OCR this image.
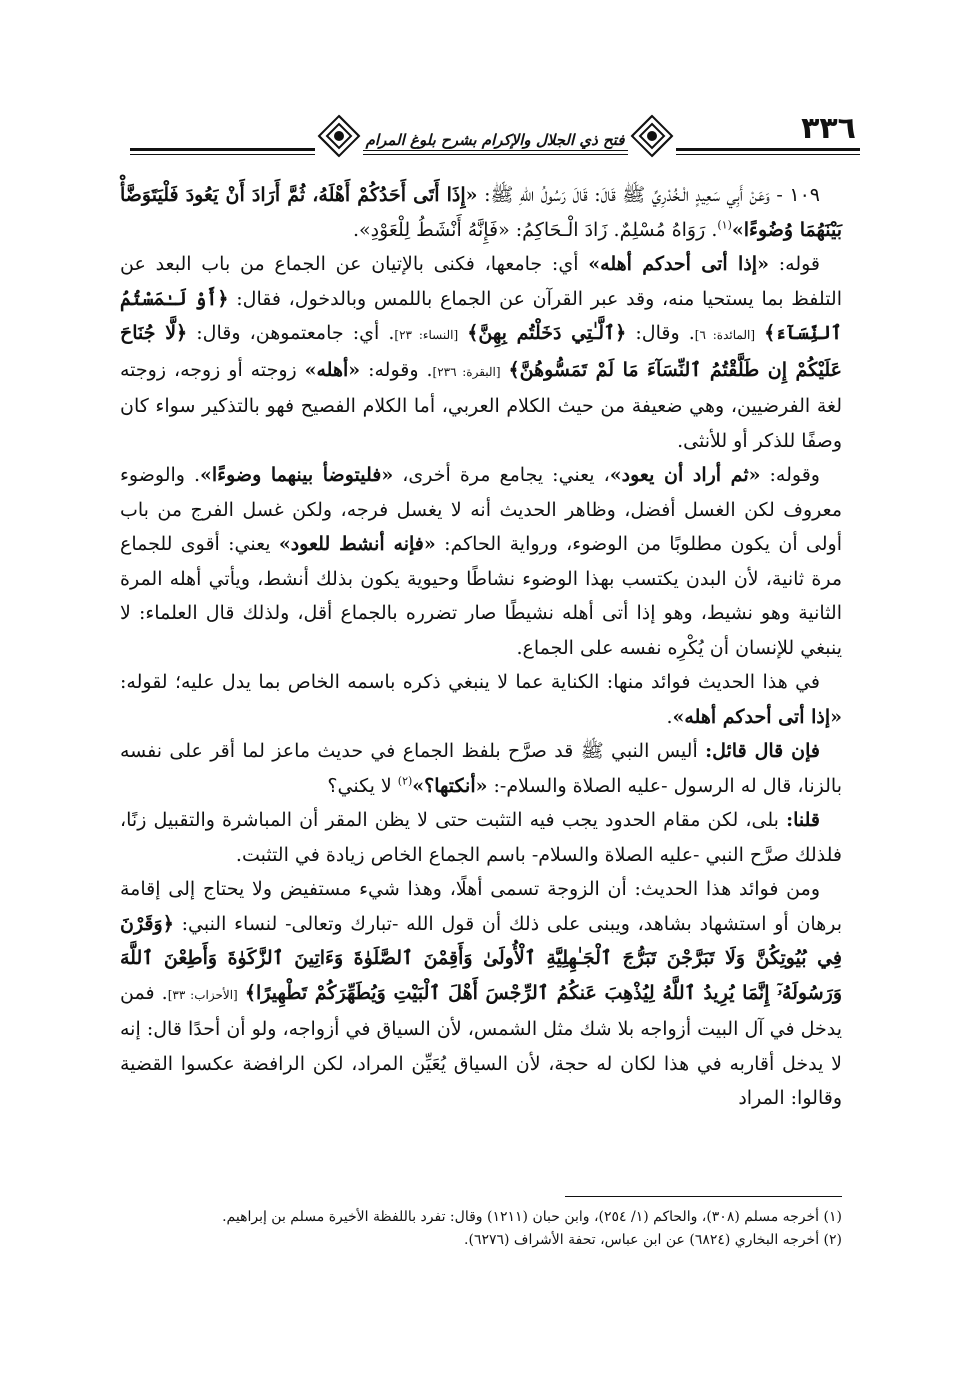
٣٣٦
فتح ذي الجلال والإكرام بشرح بلوغ المرام

١٠٩ - وَعَنْ أَبِي سَعِيدٍ الْـخُدْرِيِّ ﷺ قَالَ: قَالَ رَسُولُ اللهِ ﷺ: «إِذَا أَتَى أَحَدُكُمْ أَهْلَهُ، ثُمَّ أَرَادَ أَنْ يَعُودَ فَلْيَتَوَضَّأْ بَيْنَهُمَا وُضُوءًا»$^{(١)}$. رَوَاهُ مُسْلِمٌ. زَادَ الْـحَاكِمُ: «فَإِنَّهُ أَنْشَطُ لِلْعَوْدِ».

قوله: «إذا أتى أحدكم أهله» أي: جامعها، فكنى بالإتيان عن الجماع من باب البعد عن التلفظ بما يستحيا منه، وقد عبر القرآن عن الجماع باللمس وبالدخول، فقال: ﴿أَوْ لَـٰمَسْتُمُ ٱلنِّسَآءَ﴾ [المائدة: ٦]. وقال: ﴿ٱلَّـٰتِي دَخَلْتُم بِهِنَّ﴾ [النساء: ٢٣]. أي: جامعتموهن، وقال: ﴿لَّا جُنَاحَ عَلَيْكُمْ إِن طَلَّقْتُمُ ٱلنِّسَآءَ مَا لَمْ تَمَسُّوهُنَّ﴾ [البقرة: ٢٣٦]. وقوله: «أهله» زوجته أو زوجه، زوجته لغة الفرضيين، وهي ضعيفة من حيث الكلام العربي، أما الكلام الفصيح فهو بالتذكير سواء كان وصفًا للذكر أو للأنثى.

وقوله: «ثم أراد أن يعود»، يعني: يجامع مرة أخرى، «فليتوضأ بينهما وضوءًا». والوضوء معروف لكن الغسل أفضل، وظاهر الحديث أنه لا يغسل فرجه، ولكن غسل الفرج من باب أولى أن يكون مطلوبًا من الوضوء، ورواية الحاكم: «فإنه أنشط للعود» يعني: أقوى للجماع مرة ثانية، لأن البدن يكتسب بهذا الوضوء نشاطًا وحيوية يكون بذلك أنشط، ويأتي أهله المرة الثانية وهو نشيط، وهو إذا أتى أهله نشيطًا صار تضرره بالجماع أقل، ولذلك قال العلماء: لا ينبغي للإنسان أن يُكْرِه نفسه على الجماع.

في هذا الحديث فوائد منها: الكناية عما لا ينبغي ذكره باسمه الخاص بما يدل عليه؛ لقوله: «إذا أتى أحدكم أهله».

فإن قال قائل: أليس النبي ﷺ قد صرَّح بلفظ الجماع في حديث ماعز لما أقر على نفسه بالزنا، قال له الرسول -عليه الصلاة والسلام-: «أنكتها؟»$^{(٢)}$ لا يكني؟

قلنا: بلى، لكن مقام الحدود يجب فيه التثبت حتى لا يظن المقر أن المباشرة والتقبيل زنًا، فلذلك صرَّح النبي -عليه الصلاة والسلام- باسم الجماع الخاص زيادة في التثبت.

ومن فوائد هذا الحديث: أن الزوجة تسمى أهلًا، وهذا شيء مستفيض ولا يحتاج إلى إقامة برهان أو استشهاد بشاهد، ويبنى على ذلك أن قول الله -تبارك وتعالى- لنساء النبي: ﴿وَقَرْنَ فِي بُيُوتِكُنَّ وَلَا تَبَرَّجْنَ تَبَرُّجَ ٱلْجَـٰهِلِيَّةِ ٱلْأُولَىٰ وَأَقِمْنَ ٱلصَّلَوٰةَ وَءَاتِينَ ٱلزَّكَوٰةَ وَأَطِعْنَ ٱللَّهَ وَرَسُولَهُۥٓ إِنَّمَا يُرِيدُ ٱللَّهُ لِيُذْهِبَ عَنكُمُ ٱلرِّجْسَ أَهْلَ ٱلْبَيْتِ وَيُطَهِّرَكُمْ تَطْهِيرًا﴾ [الأحزاب: ٣٣]. فمن يدخل في آل البيت أزواجه بلا شك مثل الشمس، لأن السياق في أزواجه، ولو أن أحدًا قال: إنه لا يدخل أقاربه في هذا لكان له حجة، لأن السياق يُعَيِّن المراد، لكن الرافضة عكسوا القضية وقالوا: المراد

(١) أخرجه مسلم (٣٠٨)، والحاكم (١/ ٢٥٤)، وابن حبان (١٢١١) وقال: تفرد باللفظة الأخيرة مسلم بن إبراهيم.
(٢) أخرجه البخاري (٦٨٢٤) عن ابن عباس، تحفة الأشراف (٦٢٧٦).
